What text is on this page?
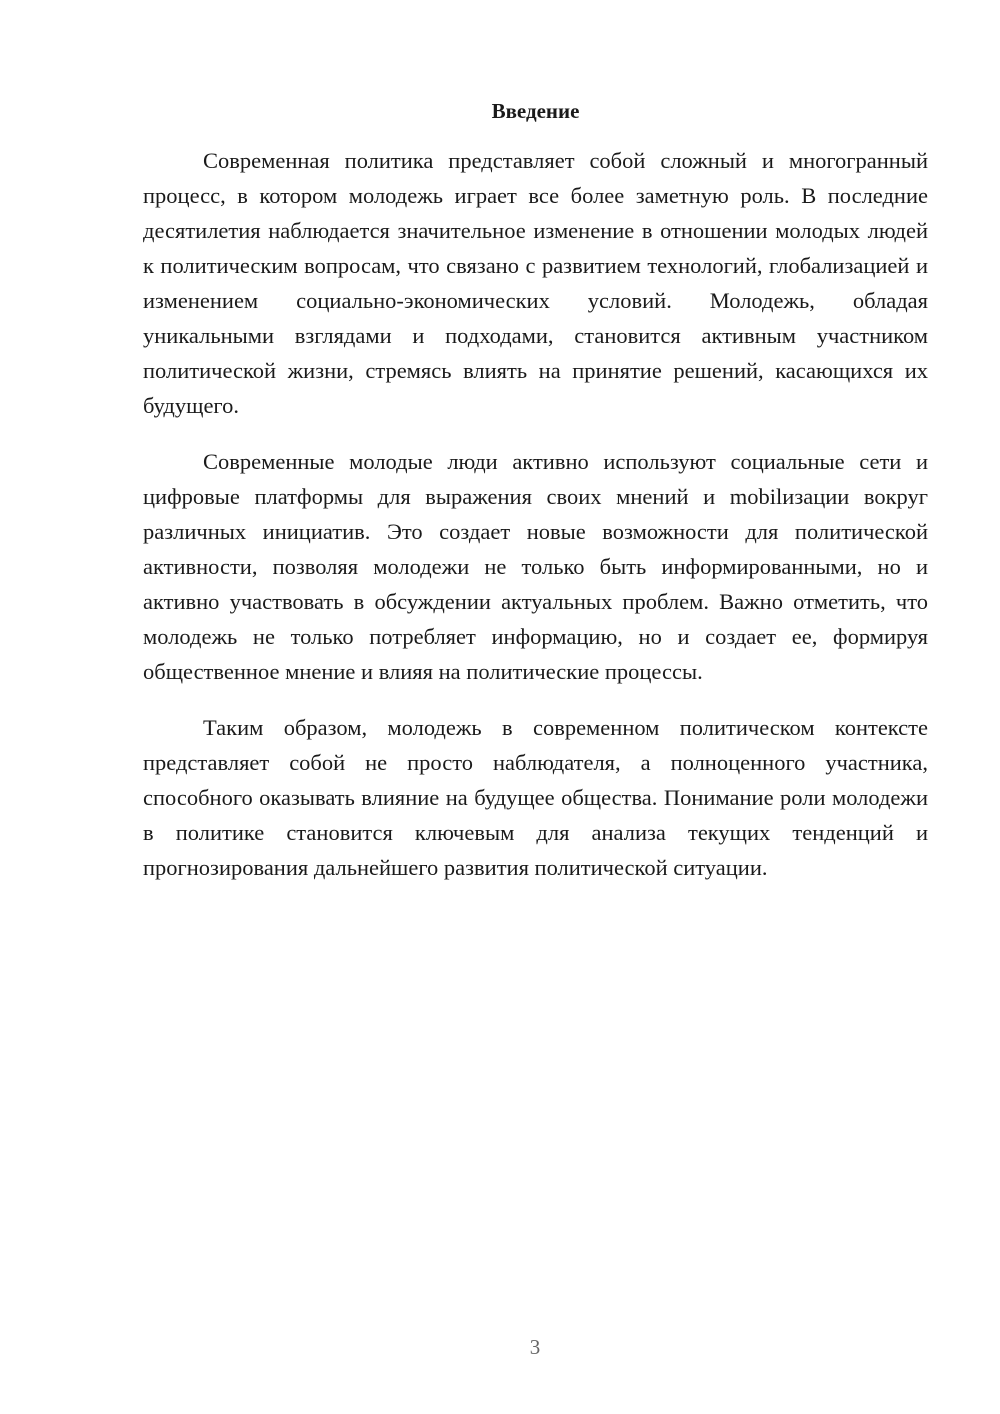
Введение

Современная политика представляет собой сложный и многогранный процесс, в котором молодежь играет все более заметную роль. В последние десятилетия наблюдается значительное изменение в отношении молодых людей к политическим вопросам, что связано с развитием технологий, глобализацией и изменением социально-экономических условий. Молодежь, обладая уникальными взглядами и подходами, становится активным участником политической жизни, стремясь влиять на принятие решений, касающихся их будущего.

Современные молодые люди активно используют социальные сети и цифровые платформы для выражения своих мнений и mobilизации вокруг различных инициатив. Это создает новые возможности для политической активности, позволяя молодежи не только быть информированными, но и активно участвовать в обсуждении актуальных проблем. Важно отметить, что молодежь не только потребляет информацию, но и создает ее, формируя общественное мнение и влияя на политические процессы.

Таким образом, молодежь в современном политическом контексте представляет собой не просто наблюдателя, а полноценного участника, способного оказывать влияние на будущее общества. Понимание роли молодежи в политике становится ключевым для анализа текущих тенденций и прогнозирования дальнейшего развития политической ситуации.

3
